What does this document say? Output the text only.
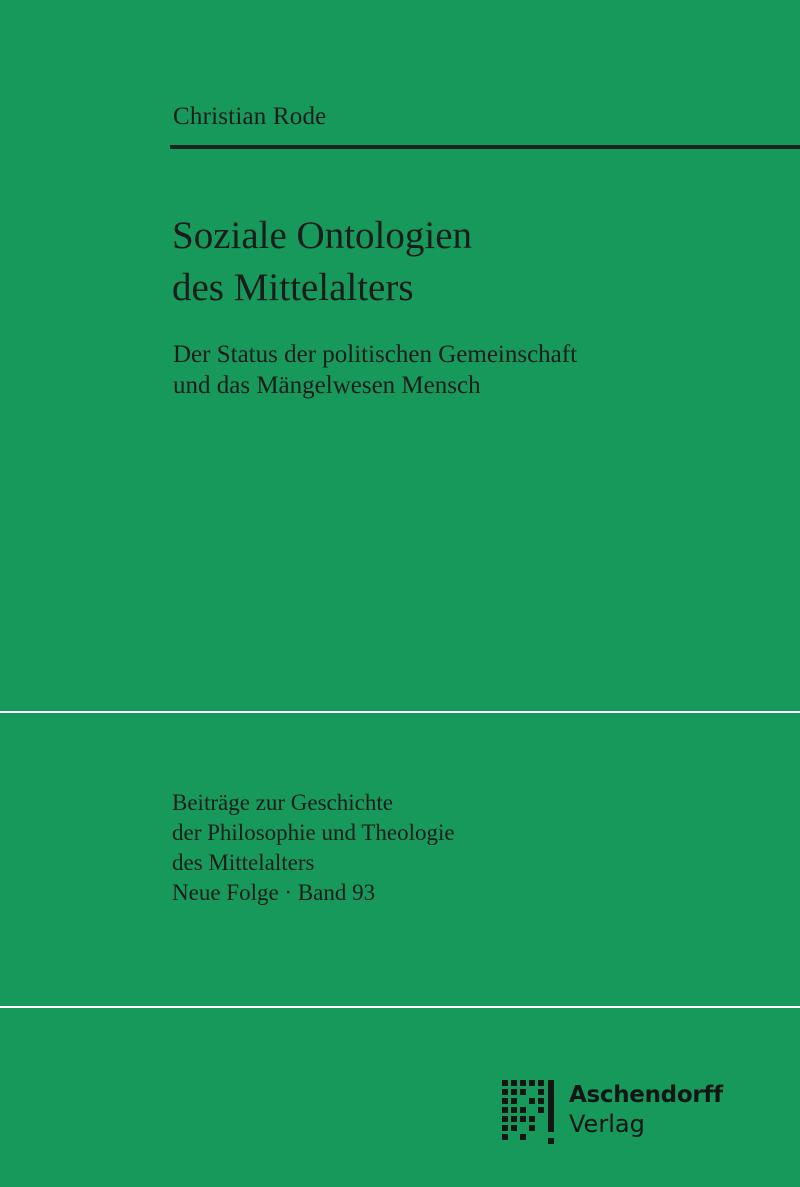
Christian Rode
Soziale Ontologien
des Mittelalters
Der Status der politischen Gemeinschaft
und das Mängelwesen Mensch
Beiträge zur Geschichte
der Philosophie und Theologie
des Mittelalters
Neue Folge · Band 93
Aschendorff
Verlag
